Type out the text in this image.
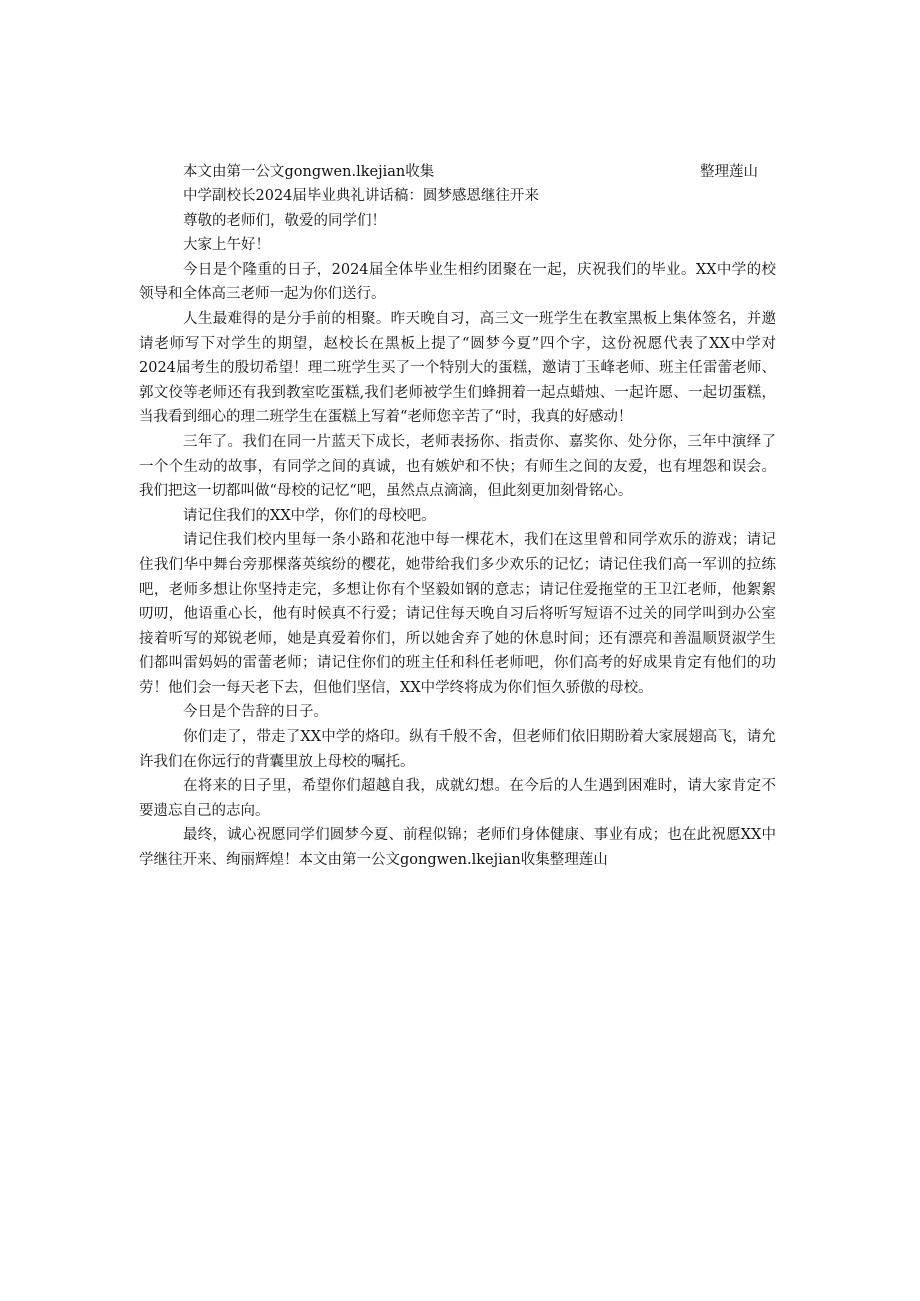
本文由第一公文gongwen.lkejian收集	整理莲山

中学副校长2024届毕业典礼讲话稿：圆梦感恩继往开来

尊敬的老师们，敬爱的同学们！

大家上午好！

今日是个隆重的日子，2024届全体毕业生相约团聚在一起，庆祝我们的毕业。XX中学的校领导和全体高三老师一起为你们送行。

人生最难得的是分手前的相聚。昨天晚自习，高三文一班学生在教室黑板上集体签名，并邀请老师写下对学生的期望，赵校长在黑板上提了“圆梦今夏”四个字，这份祝愿代表了XX中学对2024届考生的殷切希望！理二班学生买了一个特别大的蛋糕，邀请丁玉峰老师、班主任雷蕾老师、郭文佼等老师还有我到教室吃蛋糕,我们老师被学生们蜂拥着一起点蜡烛、一起许愿、一起切蛋糕，当我看到细心的理二班学生在蛋糕上写着“老师您辛苦了“时，我真的好感动！

三年了。我们在同一片蓝天下成长，老师表扬你、指责你、嘉奖你、处分你，三年中演绎了一个个生动的故事，有同学之间的真诚，也有嫉妒和不快；有师生之间的友爱，也有埋怨和误会。我们把这一切都叫做“母校的记忆“吧，虽然点点滴滴，但此刻更加刻骨铭心。

请记住我们的XX中学，你们的母校吧。

请记住我们校内里每一条小路和花池中每一棵花木，我们在这里曾和同学欢乐的游戏；请记住我们华中舞台旁那棵落英缤纷的樱花，她带给我们多少欢乐的记忆；请记住我们高一军训的拉练吧，老师多想让你坚持走完，多想让你有个坚毅如钢的意志；请记住爱拖堂的王卫江老师，他絮絮叨叨，他语重心长，他有时候真不行爱；请记住每天晚自习后将听写短语不过关的同学叫到办公室接着听写的郑锐老师，她是真爱着你们，所以她舍弃了她的休息时间；还有漂亮和善温顺贤淑学生们都叫雷妈妈的雷蕾老师；请记住你们的班主任和科任老师吧，你们高考的好成果肯定有他们的功劳！他们会一每天老下去，但他们坚信，XX中学终将成为你们恒久骄傲的母校。

今日是个告辞的日子。

你们走了，带走了XX中学的烙印。纵有千般不舍，但老师们依旧期盼着大家展翅高飞，请允许我们在你远行的背囊里放上母校的嘱托。

在将来的日子里，希望你们超越自我，成就幻想。在今后的人生遇到困难时，请大家肯定不要遗忘自己的志向。

最终，诚心祝愿同学们圆梦今夏、前程似锦；老师们身体健康、事业有成；也在此祝愿XX中学继往开来、绚丽辉煌！本文由第一公文gongwen.lkejian收集整理莲山
